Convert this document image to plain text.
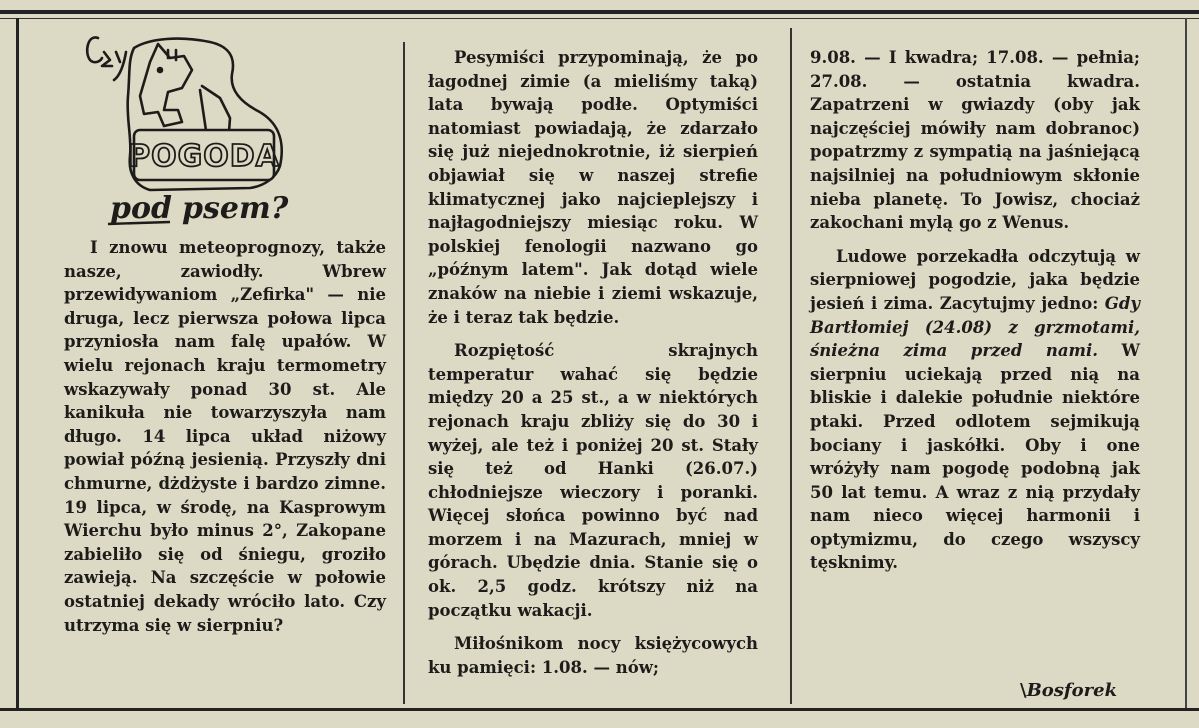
POGODA
pod psem?

I znowu meteoprognozy, także nasze, zawiodły. Wbrew przewidywaniom „Zefirka" — nie druga, lecz pierwsza połowa lipca przyniosła nam falę upałów. W wielu rejonach kraju termometry wskazywały ponad 30 st. Ale kanikuła nie towarzyszyła nam długo. 14 lipca układ niżowy powiał późną jesienią. Przyszły dni chmurne, dżdżyste i bardzo zimne. 19 lipca, w środę, na Kasprowym Wierchu było minus 2°, Zakopane zabieliło się od śniegu, groziło zawieją. Na szczęście w połowie ostatniej dekady wróciło lato. Czy utrzyma się w sierpniu?

Pesymiści przypominają, że po łagodnej zimie (a mieliśmy taką) lata bywają podłe. Optymiści natomiast powiadają, że zdarzało się już niejednokrotnie, iż sierpień objawiał się w naszej strefie klimatycznej jako najcieplejszy i najłagodniejszy miesiąc roku. W polskiej fenologii nazwano go „późnym latem". Jak dotąd wiele znaków na niebie i ziemi wskazuje, że i teraz tak będzie.

Rozpiętość skrajnych temperatur wahać się będzie między 20 a 25 st., a w niektórych rejonach kraju zbliży się do 30 i wyżej, ale też i poniżej 20 st. Stały się też od Hanki (26.07.) chłodniejsze wieczory i poranki. Więcej słońca powinno być nad morzem i na Mazurach, mniej w górach. Ubędzie dnia. Stanie się o ok. 2,5 godz. krótszy niż na początku wakacji.

Miłośnikom nocy księżycowych ku pamięci: 1.08. — nów;

9.08. — I kwadra; 17.08. — pełnia; 27.08. — ostatnia kwadra. Zapatrzeni w gwiazdy (oby jak najczęściej mówiły nam dobranoc) popatrzmy z sympatią na jaśniejącą najsilniej na południowym skłonie nieba planetę. To Jowisz, chociaż zakochani mylą go z Wenus.

Ludowe porzekadła odczytują w sierpniowej pogodzie, jaka będzie jesień i zima. Zacytujmy jedno: Gdy Bartłomiej (24.08) z grzmotami, śnieżna zima przed nami. W sierpniu uciekają przed nią na bliskie i dalekie południe niektóre ptaki. Przed odlotem sejmikują bociany i jaskółki. Oby i one wróżyły nam pogodę podobną jak 50 lat temu. A wraz z nią przydały nam nieco więcej harmonii i optymizmu, do czego wszyscy tęsknimy.

\Bosforek
